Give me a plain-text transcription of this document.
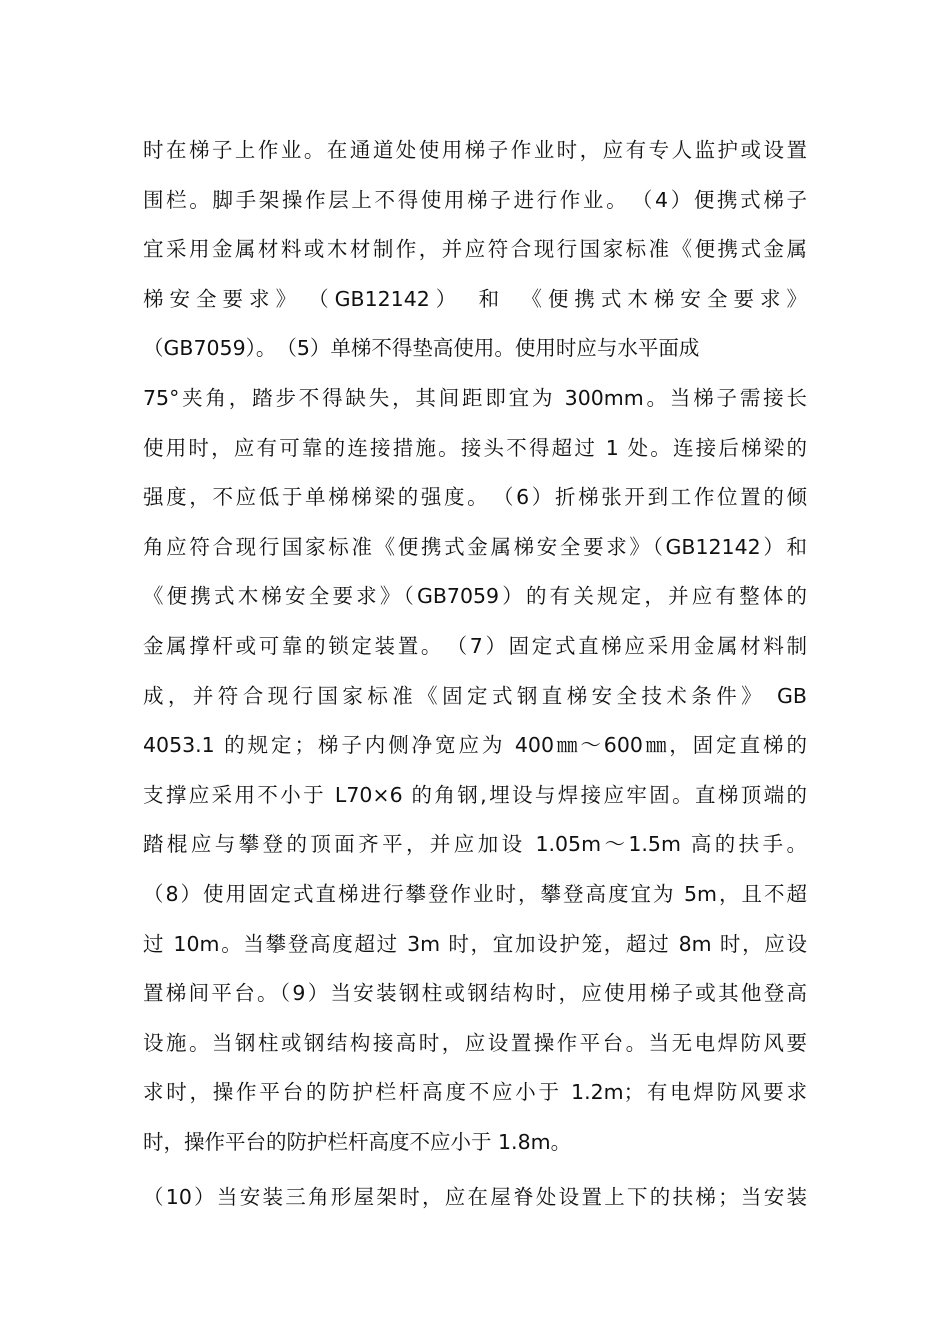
时在梯子上作业。在通道处使用梯子作业时，应有专人监护或设置
围栏。脚手架操作层上不得使用梯子进行作业。　（4）便携式梯子
宜采用金属材料或木材制作，并应符合现行国家标准《便携式金属
梯安全要求》　（GB12142）　和　《便携式木梯安全要求》
（GB7059）。　（5）单梯不得垫高使用。使用时应与水平面成
75°夹角，踏步不得缺失，其间距即宜为 300mm。当梯子需接长
使用时，应有可靠的连接措施。接头不得超过 1 处。连接后梯梁的
强度，不应低于单梯梯梁的强度。　（6）折梯张开到工作位置的倾
角应符合现行国家标准《便携式金属梯安全要求》（GB12142）和
《便携式木梯安全要求》（GB7059）的有关规定，并应有整体的
金属撑杆或可靠的锁定装置。　（7）固定式直梯应采用金属材料制
成，并符合现行国家标准《固定式钢直梯安全技术条件》 GB
4053.1 的规定；梯子内侧净宽应为 400㎜～600㎜，固定直梯的
支撑应采用不小于 L70×6 的角钢,埋设与焊接应牢固。直梯顶端的
踏棍应与攀登的顶面齐平，并应加设 1.05m～1.5m 高的扶手。
（8）使用固定式直梯进行攀登作业时，攀登高度宜为 5m，且不超
过 10m。当攀登高度超过 3m 时，宜加设护笼，超过 8m 时，应设
置梯间平台。（9）当安装钢柱或钢结构时，应使用梯子或其他登高
设施。当钢柱或钢结构接高时，应设置操作平台。当无电焊防风要
求时，操作平台的防护栏杆高度不应小于 1.2m；有电焊防风要求
时，操作平台的防护栏杆高度不应小于 1.8m。
（10）当安装三角形屋架时，应在屋脊处设置上下的扶梯；当安装
